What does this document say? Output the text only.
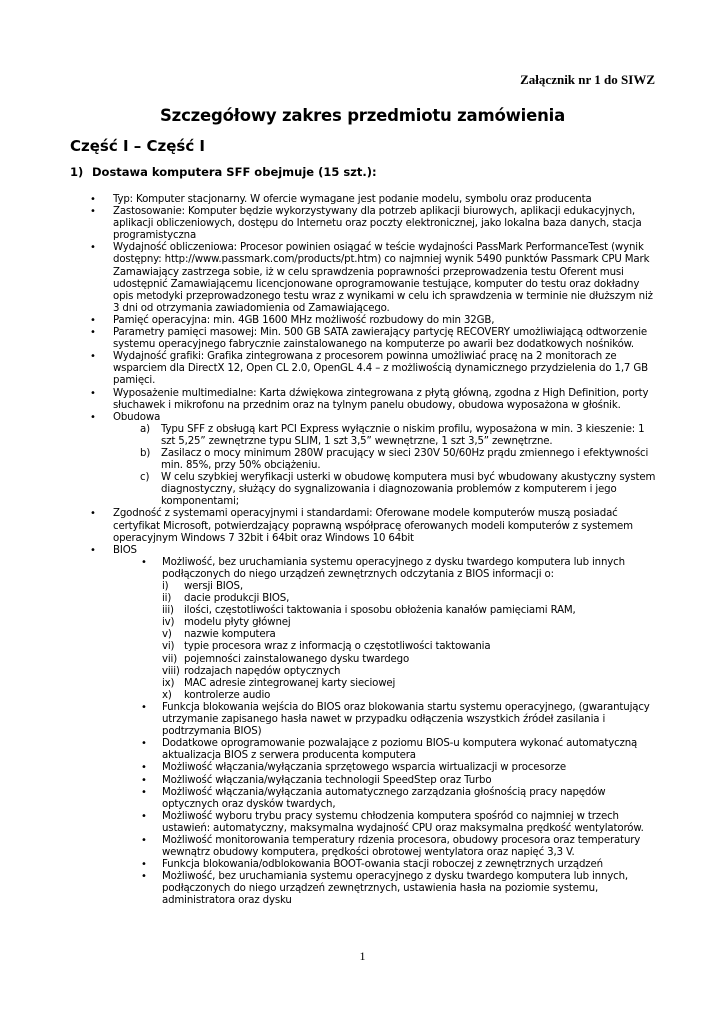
Załącznik nr 1 do SIWZ
Szczegółowy zakres przedmiotu zamówienia
Część I – Część I
1) Dostawa komputera SFF obejmuje (15 szt.):
• Typ: Komputer stacjonarny. W ofercie wymagane jest podanie modelu, symbolu oraz producenta
• Zastosowanie: Komputer będzie wykorzystywany dla potrzeb aplikacji biurowych, aplikacji edukacyjnych, aplikacji obliczeniowych, dostępu do Internetu oraz poczty elektronicznej, jako lokalna baza danych, stacja programistyczna
• Wydajność obliczeniowa: Procesor powinien osiągać w teście wydajności PassMark PerformanceTest (wynik dostępny: http://www.passmark.com/products/pt.htm) co najmniej wynik 5490 punktów Passmark CPU Mark Zamawiający zastrzega sobie, iż w celu sprawdzenia poprawności przeprowadzenia testu Oferent musi udostępnić Zamawiającemu licencjonowane oprogramowanie testujące, komputer do testu oraz dokładny opis metodyki przeprowadzonego testu wraz z wynikami w celu ich sprawdzenia w terminie nie dłuższym niż 3 dni od otrzymania zawiadomienia od Zamawiającego.
• Pamięć operacyjna: min. 4GB 1600 MHz możliwość rozbudowy do min 32GB,
• Parametry pamięci masowej: Min. 500 GB SATA zawierający partycję RECOVERY umożliwiającą odtworzenie systemu operacyjnego fabrycznie zainstalowanego na komputerze po awarii bez dodatkowych nośników.
• Wydajność grafiki: Grafika zintegrowana z procesorem powinna umożliwiać pracę na 2 monitorach ze wsparciem dla DirectX 12, Open CL 2.0, OpenGL 4.4 – z możliwością dynamicznego przydzielenia do 1,7 GB pamięci.
• Wyposażenie multimedialne: Karta dźwiękowa zintegrowana z płytą główną, zgodna z High Definition, porty słuchawek i mikrofonu na przednim oraz na tylnym panelu obudowy, obudowa wyposażona w głośnik.
• Obudowa
a) Typu SFF z obsługą kart PCI Express wyłącznie o niskim profilu, wyposażona w min. 3 kieszenie: 1 szt 5,25” zewnętrzne typu SLIM, 1 szt 3,5” wewnętrzne, 1 szt 3,5” zewnętrzne.
b) Zasilacz o mocy minimum 280W pracujący w sieci 230V 50/60Hz prądu zmiennego i efektywności min. 85%, przy 50% obciążeniu.
c) W celu szybkiej weryfikacji usterki w obudowę komputera musi być wbudowany akustyczny system diagnostyczny, służący do sygnalizowania i diagnozowania problemów z komputerem i jego komponentami;
• Zgodność z systemami operacyjnymi i standardami: Oferowane modele komputerów muszą posiadać certyfikat Microsoft, potwierdzający poprawną współpracę oferowanych modeli komputerów z systemem operacyjnym Windows 7 32bit i 64bit oraz Windows 10 64bit
• BIOS
• Możliwość, bez uruchamiania systemu operacyjnego z dysku twardego komputera lub innych podłączonych do niego urządzeń zewnętrznych odczytania z BIOS informacji o:
i) wersji BIOS,
ii) dacie produkcji BIOS,
iii) ilości, częstotliwości taktowania i sposobu obłożenia kanałów pamięciami RAM,
iv) modelu płyty głównej
v) nazwie komputera
vi) typie procesora wraz z informacją o częstotliwości taktowania
vii) pojemności zainstalowanego dysku twardego
viii) rodzajach napędów optycznych
ix) MAC adresie zintegrowanej karty sieciowej
x) kontrolerze audio
• Funkcja blokowania wejścia do BIOS oraz blokowania startu systemu operacyjnego, (gwarantujący utrzymanie zapisanego hasła nawet w przypadku odłączenia wszystkich źródeł zasilania i podtrzymania BIOS)
• Dodatkowe oprogramowanie pozwalające z poziomu BIOS-u komputera wykonać automatyczną aktualizacja BIOS z serwera producenta komputera
• Możliwość włączania/wyłączania sprzętowego wsparcia wirtualizacji w procesorze
• Możliwość włączania/wyłączania technologii SpeedStep oraz Turbo
• Możliwość włączania/wyłączania automatycznego zarządzania głośnością pracy napędów optycznych oraz dysków twardych,
• Możliwość wyboru trybu pracy systemu chłodzenia komputera spośród co najmniej w trzech ustawień: automatyczny, maksymalna wydajność CPU oraz maksymalna prędkość wentylatorów.
• Możliwość monitorowania temperatury rdzenia procesora, obudowy procesora oraz temperatury wewnątrz obudowy komputera, prędkości obrotowej wentylatora oraz napięć 3,3 V.
• Funkcja blokowania/odblokowania BOOT-owania stacji roboczej z zewnętrznych urządzeń
• Możliwość, bez uruchamiania systemu operacyjnego z dysku twardego komputera lub innych, podłączonych do niego urządzeń zewnętrznych, ustawienia hasła na poziomie systemu, administratora oraz dysku
1
